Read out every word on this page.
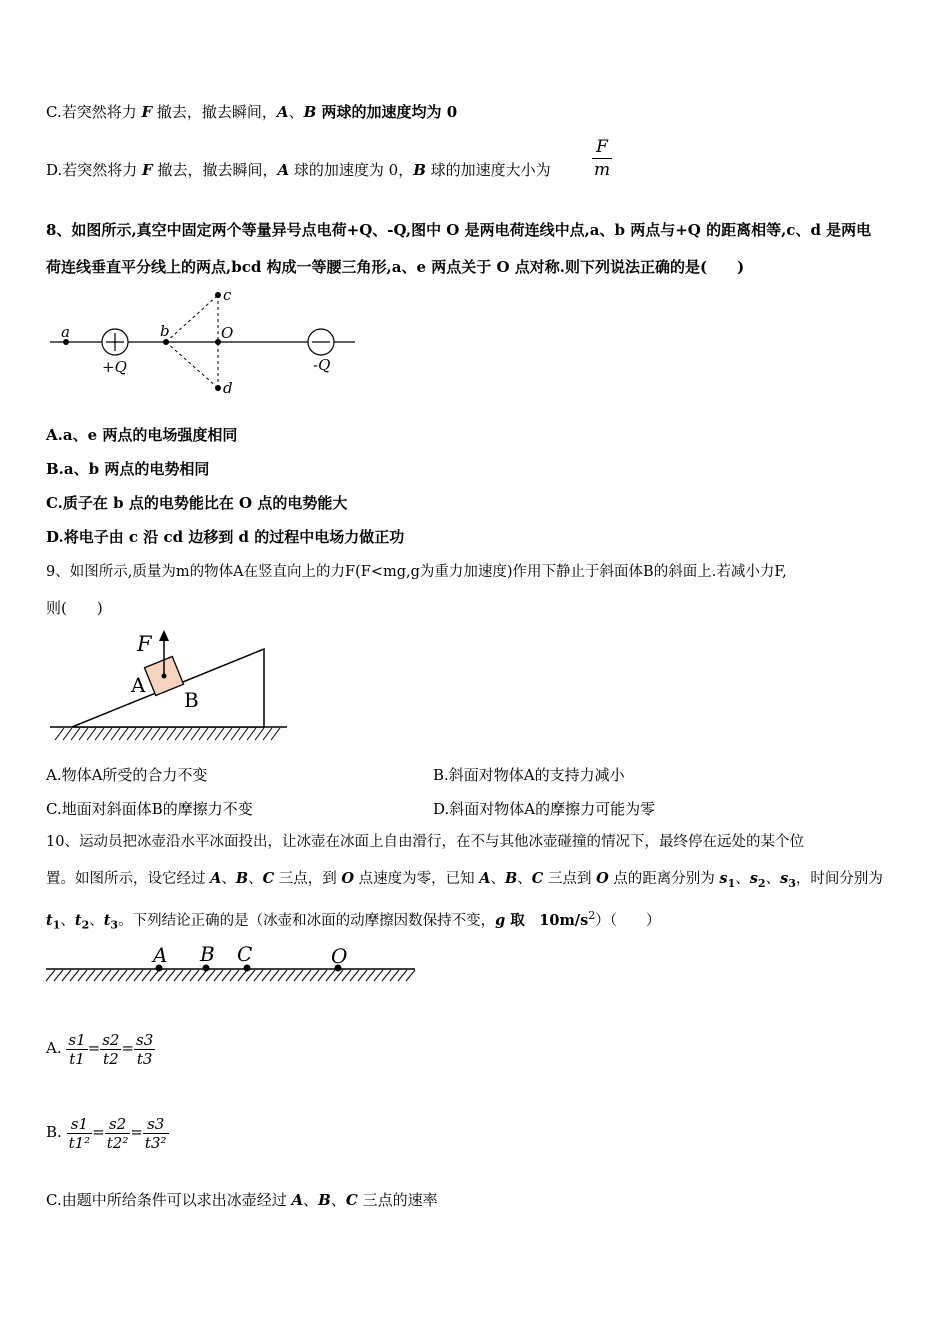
C.若突然将力 F 撤去，撤去瞬间，A、B 两球的加速度均为 0
D.若突然将力 F 撤去，撤去瞬间，A 球的加速度为 0，B 球的加速度大小为
F
m
8、如图所示,真空中固定两个等量异号点电荷+Q、-Q,图中 O 是两电荷连线中点,a、b 两点与+Q 的距离相等,c、d 是两电
荷连线垂直平分线上的两点,bcd 构成一等腰三角形,a、e 两点关于 O 点对称.则下列说法正确的是(　　)
a
+Q
b
c
O
d
-Q
A.a、e 两点的电场强度相同
B.a、b 两点的电势相同
C.质子在 b 点的电势能比在 O 点的电势能大
D.将电子由 c 沿 cd 边移到 d 的过程中电场力做正功
9、如图所示,质量为m的物体A在竖直向上的力F(F<mg,g为重力加速度)作用下静止于斜面体B的斜面上.若减小力F,
则(　　)
F
A
B
A.物体A所受的合力不变	B.斜面对物体A的支持力减小
C.地面对斜面体B的摩擦力不变	D.斜面对物体A的摩擦力可能为零
10、运动员把冰壶沿水平冰面投出，让冰壶在冰面上自由滑行，在不与其他冰壶碰撞的情况下，最终停在远处的某个位
置。如图所示，设它经过 A、B、C 三点，到 O 点速度为零，已知 A、B、C 三点到 O 点的距离分别为 $s_1$、$s_2$、$s_3$，时间分别为
$t_1$、$t_2$、$t_3$。下列结论正确的是（冰壶和冰面的动摩擦因数保持不变，g 取　$10m/s^2$）（　　）
A B C	O
A. $\frac{s1}{t1} = \frac{s2}{t2} = \frac{s3}{t3}$
B. $\frac{s1}{\text{t1²}} = \frac{s2}{\text{t2²}} = \frac{s3}{\text{t3²}}$
C.由题中所给条件可以求出冰壶经过 A、B、C 三点的速率
